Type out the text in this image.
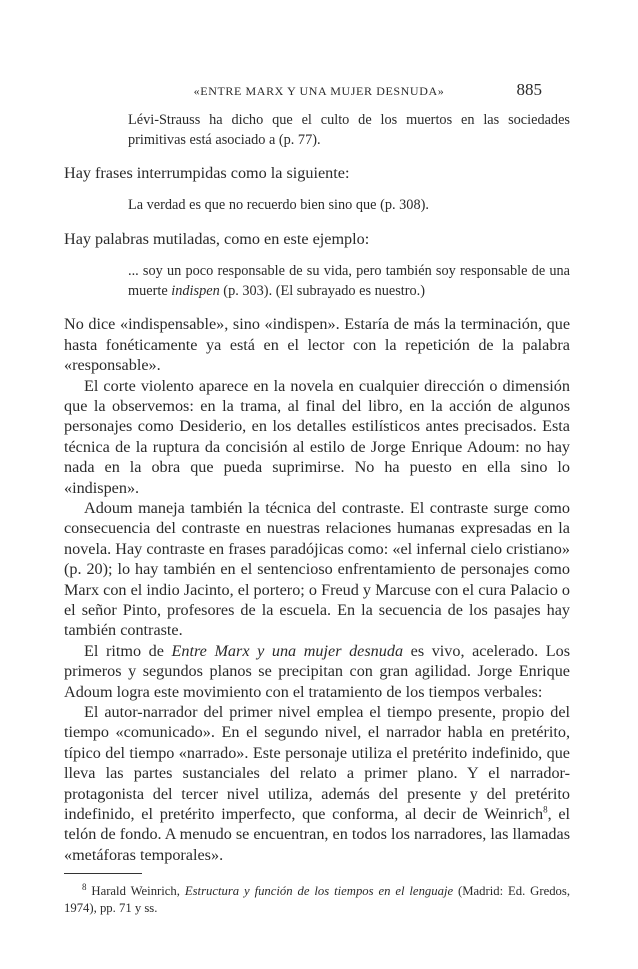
«ENTRE MARX Y UNA MUJER DESNUDA»	885

Lévi-Strauss ha dicho que el culto de los muertos en las sociedades primitivas está asociado a (p. 77).

Hay frases interrumpidas como la siguiente:

La verdad es que no recuerdo bien sino que (p. 308).

Hay palabras mutiladas, como en este ejemplo:

... soy un poco responsable de su vida, pero también soy responsable de una muerte indispen (p. 303). (El subrayado es nuestro.)

No dice «indispensable», sino «indispen». Estaría de más la terminación, que hasta fonéticamente ya está en el lector con la repetición de la palabra «responsable».

El corte violento aparece en la novela en cualquier dirección o dimensión que la observemos: en la trama, al final del libro, en la acción de algunos personajes como Desiderio, en los detalles estilísticos antes precisados. Esta técnica de la ruptura da concisión al estilo de Jorge Enrique Adoum: no hay nada en la obra que pueda suprimirse. No ha puesto en ella sino lo «indispen».

Adoum maneja también la técnica del contraste. El contraste surge como consecuencia del contraste en nuestras relaciones humanas expresadas en la novela. Hay contraste en frases paradójicas como: «el infernal cielo cristiano» (p. 20); lo hay también en el sentencioso enfrentamiento de personajes como Marx con el indio Jacinto, el portero; o Freud y Marcuse con el cura Palacio o el señor Pinto, profesores de la escuela. En la secuencia de los pasajes hay también contraste.

El ritmo de Entre Marx y una mujer desnuda es vivo, acelerado. Los primeros y segundos planos se precipitan con gran agilidad. Jorge Enrique Adoum logra este movimiento con el tratamiento de los tiempos verbales:

El autor-narrador del primer nivel emplea el tiempo presente, propio del tiempo «comunicado». En el segundo nivel, el narrador habla en pretérito, típico del tiempo «narrado». Este personaje utiliza el pretérito indefinido, que lleva las partes sustanciales del relato a primer plano. Y el narrador-protagonista del tercer nivel utiliza, además del presente y del pretérito indefinido, el pretérito imperfecto, que conforma, al decir de Weinrich$^8$, el telón de fondo. A menudo se encuentran, en todos los narradores, las llamadas «metáforas temporales».

$^8$ Harald Weinrich, Estructura y función de los tiempos en el lenguaje (Madrid: Ed. Gredos, 1974), pp. 71 y ss.
